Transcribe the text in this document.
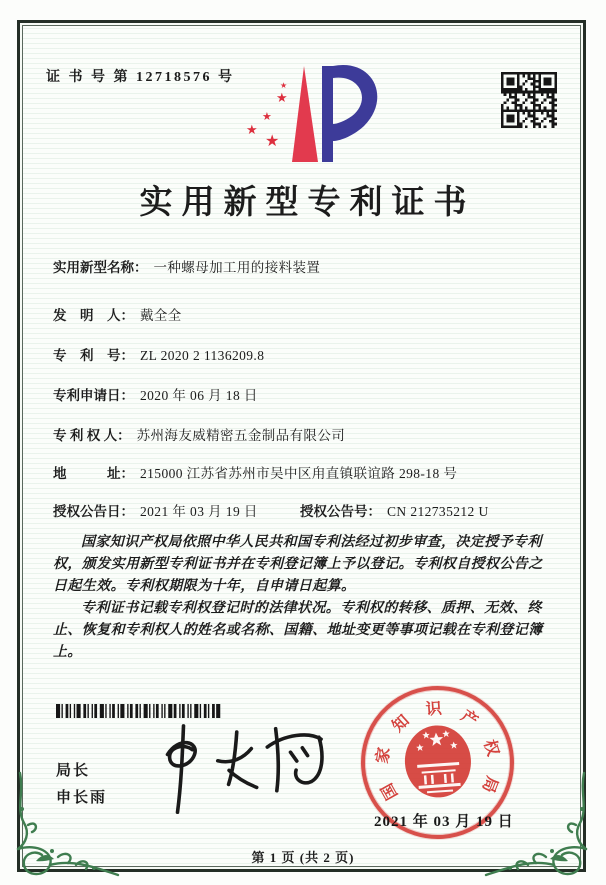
证 书 号 第 12718576 号
★
★
★
★
★
实用新型专利证书
实用新型名称： 一种螺母加工用的接料装置
发　明　人： 戴全全
专　利　号： ZL 2020 2 1136209.8
专利申请日： 2020 年 06 月 18 日
专 利 权 人： 苏州海友威精密五金制品有限公司
地　　　址： 215000 江苏省苏州市吴中区甪直镇联谊路 298-18 号
授权公告日： 2021 年 03 月 19 日	授权公告号： CN 212735212 U

国家知识产权局依照中华人民共和国专利法经过初步审查，决定授予专利权，颁发实用新型专利证书并在专利登记簿上予以登记。专利权自授权公告之日起生效。专利权期限为十年，自申请日起算。

专利证书记载专利权登记时的法律状况。专利权的转移、质押、无效、终止、恢复和专利权人的姓名或名称、国籍、地址变更等事项记载在专利登记簿上。

局长
申长雨	国
家
知
识 产
权
局
2021 年 03 月 19 日
第 1 页 (共 2 页)
